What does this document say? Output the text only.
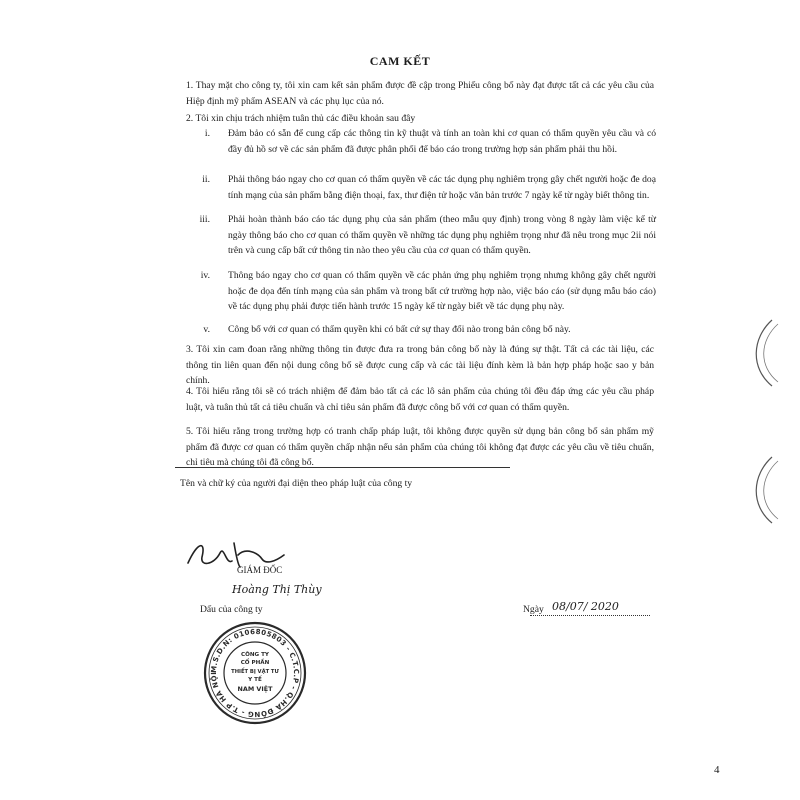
CAM KẾT
1. Thay mặt cho công ty, tôi xin cam kết sản phẩm được đề cập trong Phiếu công bố này đạt được tất cả các yêu cầu của Hiệp định mỹ phẩm ASEAN và các phụ lục của nó.
2. Tôi xin chịu trách nhiệm tuân thủ các điều khoản sau đây
i. Đảm bảo có sẵn để cung cấp các thông tin kỹ thuật và tính an toàn khi cơ quan có thẩm quyền yêu cầu và có đầy đủ hồ sơ về các sản phẩm đã được phân phối để báo cáo trong trường hợp sản phẩm phải thu hồi.
ii. Phải thông báo ngay cho cơ quan có thẩm quyền về các tác dụng phụ nghiêm trọng gây chết người hoặc đe doạ tính mạng của sản phẩm bằng điện thoại, fax, thư điện tử hoặc văn bản trước 7 ngày kể từ ngày biết thông tin.
iii. Phải hoàn thành báo cáo tác dụng phụ của sản phẩm (theo mẫu quy định) trong vòng 8 ngày làm việc kể từ ngày thông báo cho cơ quan có thẩm quyền về những tác dụng phụ nghiêm trọng như đã nêu trong mục 2ii nói trên và cung cấp bất cứ thông tin nào theo yêu cầu của cơ quan có thẩm quyền.
iv. Thông báo ngay cho cơ quan có thẩm quyền về các phản ứng phụ nghiêm trọng nhưng không gây chết người hoặc đe dọa đến tính mạng của sản phẩm và trong bất cứ trường hợp nào, việc báo cáo (sử dụng mẫu báo cáo) về tác dụng phụ phải được tiến hành trước 15 ngày kể từ ngày biết về tác dụng phụ này.
v. Công bố với cơ quan có thẩm quyền khi có bất cứ sự thay đổi nào trong bản công bố này.
3. Tôi xin cam đoan rằng những thông tin được đưa ra trong bản công bố này là đúng sự thật. Tất cả các tài liệu, các thông tin liên quan đến nội dung công bố sẽ được cung cấp và các tài liệu đính kèm là bản hợp pháp hoặc sao y bản chính.
4. Tôi hiểu rằng tôi sẽ có trách nhiệm để đảm bảo tất cả các lô sản phẩm của chúng tôi đều đáp ứng các yêu cầu pháp luật, và tuân thủ tất cả tiêu chuẩn và chỉ tiêu sản phẩm đã được công bố với cơ quan có thẩm quyền.
5. Tôi hiểu rằng trong trường hợp có tranh chấp pháp luật, tôi không được quyền sử dụng bản công bố sản phẩm mỹ phẩm đã được cơ quan có thẩm quyền chấp nhận nếu sản phẩm của chúng tôi không đạt được các yêu cầu về tiêu chuẩn, chỉ tiêu mà chúng tôi đã công bố.
Tên và chữ ký của người đại diện theo pháp luật của công ty
GIÁM ĐỐC
Hoàng Thị Thùy
Dấu của công ty	Ngày 08/07/ 2020
M.S.D.N: 0106805803 - C.T.C.P - Q.HÀ ĐÔNG - T.P HÀ NỘI
CÔNG TY
CỔ PHẦN
THIẾT BỊ VẬT TƯ
Y TẾ
NAM VIỆT
4
